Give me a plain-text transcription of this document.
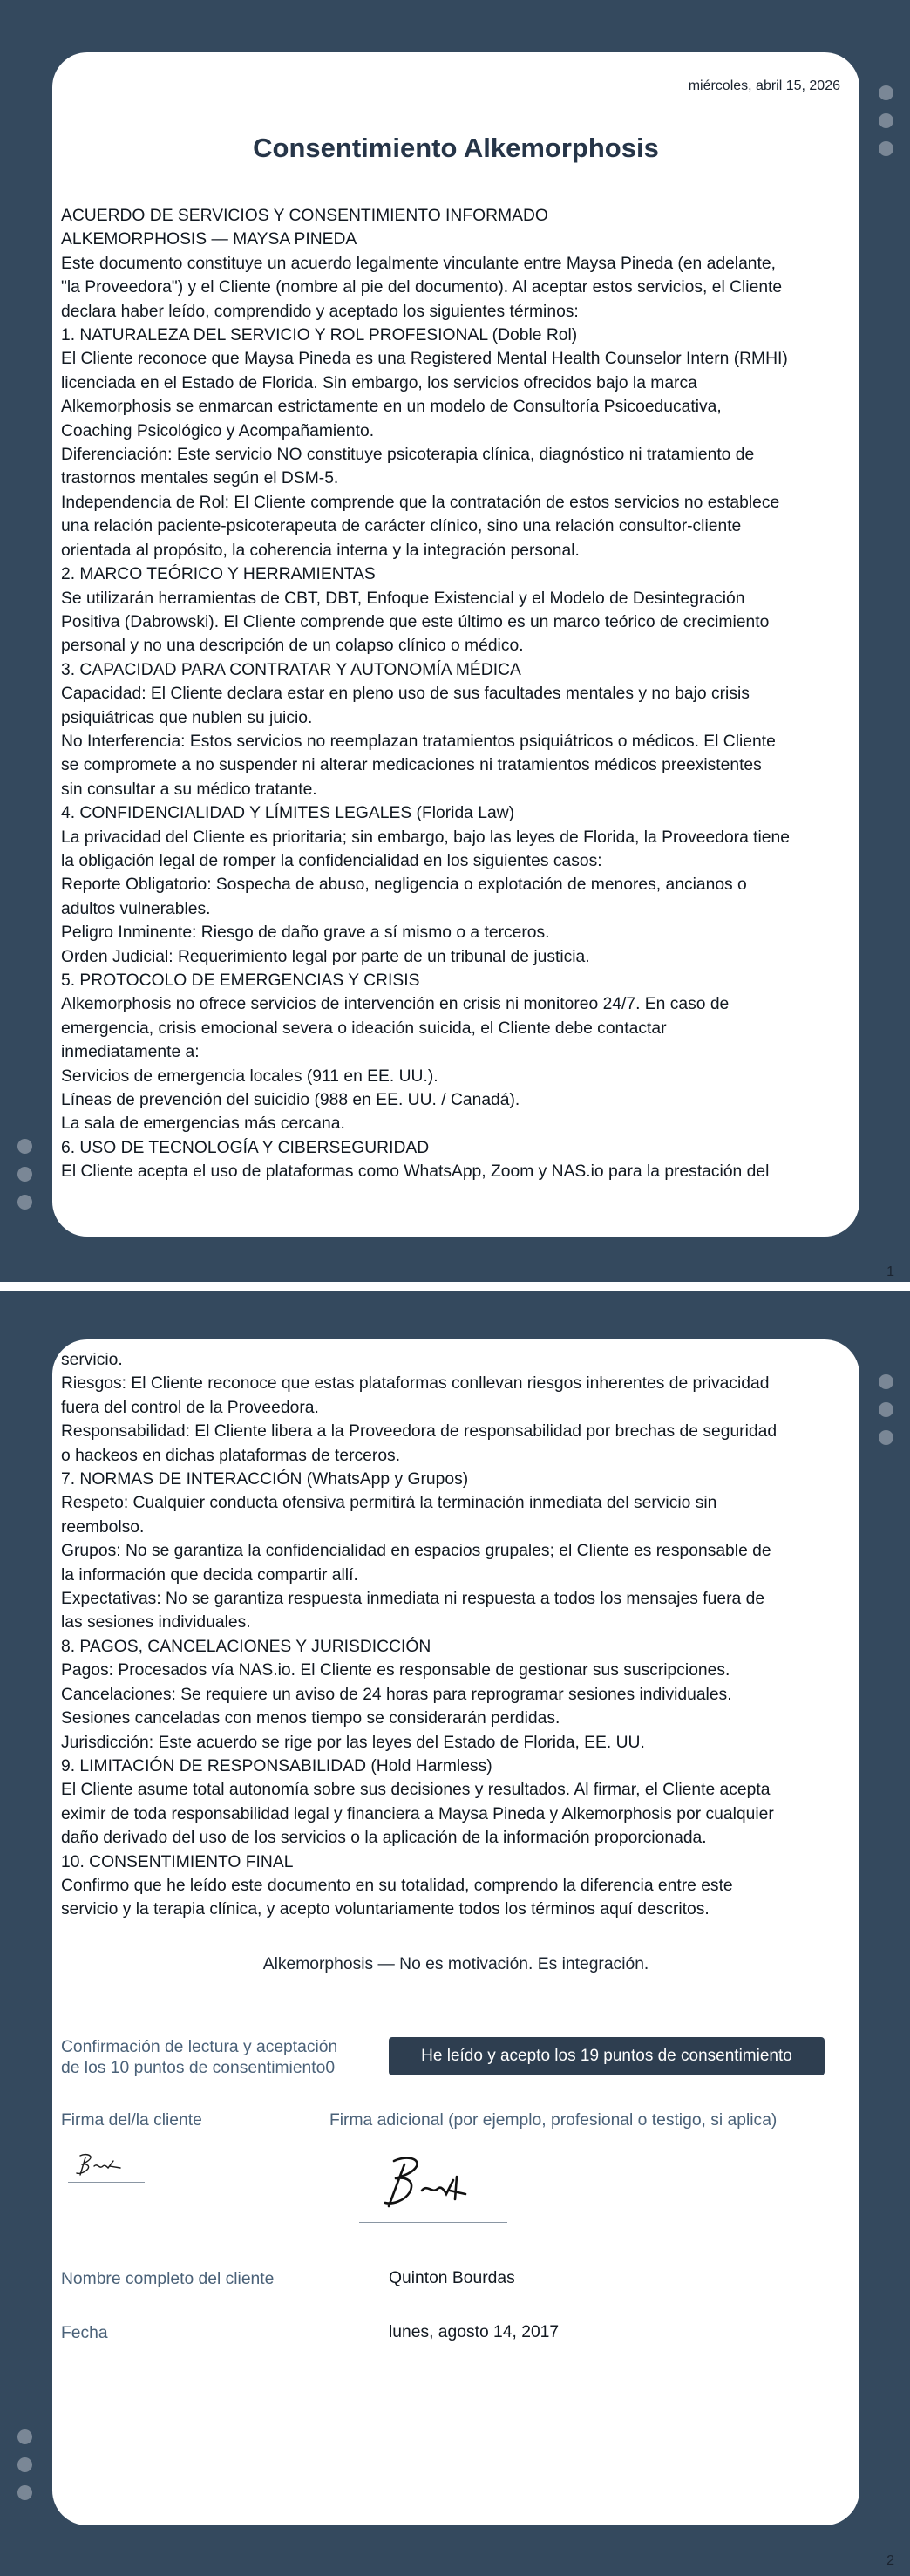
miércoles, abril 15, 2026
Consentimiento Alkemorphosis
ACUERDO DE SERVICIOS Y CONSENTIMIENTO INFORMADO
ALKEMORPHOSIS — MAYSA PINEDA
Este documento constituye un acuerdo legalmente vinculante entre Maysa Pineda (en adelante,
"la Proveedora") y el Cliente (nombre al pie del documento). Al aceptar estos servicios, el Cliente
declara haber leído, comprendido y aceptado los siguientes términos:
1. NATURALEZA DEL SERVICIO Y ROL PROFESIONAL (Doble Rol)
El Cliente reconoce que Maysa Pineda es una Registered Mental Health Counselor Intern (RMHI)
licenciada en el Estado de Florida. Sin embargo, los servicios ofrecidos bajo la marca
Alkemorphosis se enmarcan estrictamente en un modelo de Consultoría Psicoeducativa,
Coaching Psicológico y Acompañamiento.
Diferenciación: Este servicio NO constituye psicoterapia clínica, diagnóstico ni tratamiento de
trastornos mentales según el DSM-5.
Independencia de Rol: El Cliente comprende que la contratación de estos servicios no establece
una relación paciente-psicoterapeuta de carácter clínico, sino una relación consultor-cliente
orientada al propósito, la coherencia interna y la integración personal.
2. MARCO TEÓRICO Y HERRAMIENTAS
Se utilizarán herramientas de CBT, DBT, Enfoque Existencial y el Modelo de Desintegración
Positiva (Dabrowski). El Cliente comprende que este último es un marco teórico de crecimiento
personal y no una descripción de un colapso clínico o médico.
3. CAPACIDAD PARA CONTRATAR Y AUTONOMÍA MÉDICA
Capacidad: El Cliente declara estar en pleno uso de sus facultades mentales y no bajo crisis
psiquiátricas que nublen su juicio.
No Interferencia: Estos servicios no reemplazan tratamientos psiquiátricos o médicos. El Cliente
se compromete a no suspender ni alterar medicaciones ni tratamientos médicos preexistentes
sin consultar a su médico tratante.
4. CONFIDENCIALIDAD Y LÍMITES LEGALES (Florida Law)
La privacidad del Cliente es prioritaria; sin embargo, bajo las leyes de Florida, la Proveedora tiene
la obligación legal de romper la confidencialidad en los siguientes casos:
Reporte Obligatorio: Sospecha de abuso, negligencia o explotación de menores, ancianos o
adultos vulnerables.
Peligro Inminente: Riesgo de daño grave a sí mismo o a terceros.
Orden Judicial: Requerimiento legal por parte de un tribunal de justicia.
5. PROTOCOLO DE EMERGENCIAS Y CRISIS
Alkemorphosis no ofrece servicios de intervención en crisis ni monitoreo 24/7. En caso de
emergencia, crisis emocional severa o ideación suicida, el Cliente debe contactar
inmediatamente a:
Servicios de emergencia locales (911 en EE. UU.).
Líneas de prevención del suicidio (988 en EE. UU. / Canadá).
La sala de emergencias más cercana.
6. USO DE TECNOLOGÍA Y CIBERSEGURIDAD
El Cliente acepta el uso de plataformas como WhatsApp, Zoom y NAS.io para la prestación del
1
servicio.
Riesgos: El Cliente reconoce que estas plataformas conllevan riesgos inherentes de privacidad
fuera del control de la Proveedora.
Responsabilidad: El Cliente libera a la Proveedora de responsabilidad por brechas de seguridad
o hackeos en dichas plataformas de terceros.
7. NORMAS DE INTERACCIÓN (WhatsApp y Grupos)
Respeto: Cualquier conducta ofensiva permitirá la terminación inmediata del servicio sin
reembolso.
Grupos: No se garantiza la confidencialidad en espacios grupales; el Cliente es responsable de
la información que decida compartir allí.
Expectativas: No se garantiza respuesta inmediata ni respuesta a todos los mensajes fuera de
las sesiones individuales.
8. PAGOS, CANCELACIONES Y JURISDICCIÓN
Pagos: Procesados vía NAS.io. El Cliente es responsable de gestionar sus suscripciones.
Cancelaciones: Se requiere un aviso de 24 horas para reprogramar sesiones individuales.
Sesiones canceladas con menos tiempo se considerarán perdidas.
Jurisdicción: Este acuerdo se rige por las leyes del Estado de Florida, EE. UU.
9. LIMITACIÓN DE RESPONSABILIDAD (Hold Harmless)
El Cliente asume total autonomía sobre sus decisiones y resultados. Al firmar, el Cliente acepta
eximir de toda responsabilidad legal y financiera a Maysa Pineda y Alkemorphosis por cualquier
daño derivado del uso de los servicios o la aplicación de la información proporcionada.
10. CONSENTIMIENTO FINAL
Confirmo que he leído este documento en su totalidad, comprendo la diferencia entre este
servicio y la terapia clínica, y acepto voluntariamente todos los términos aquí descritos.
Alkemorphosis — No es motivación. Es integración.
Confirmación de lectura y aceptación
de los 10 puntos de consentimiento0
He leído y acepto los 19 puntos de consentimiento
Firma del/la cliente	Firma adicional (por ejemplo, profesional o testigo, si aplica)
Nombre completo del cliente	Quinton Bourdas
Fecha	lunes, agosto 14, 2017
2
